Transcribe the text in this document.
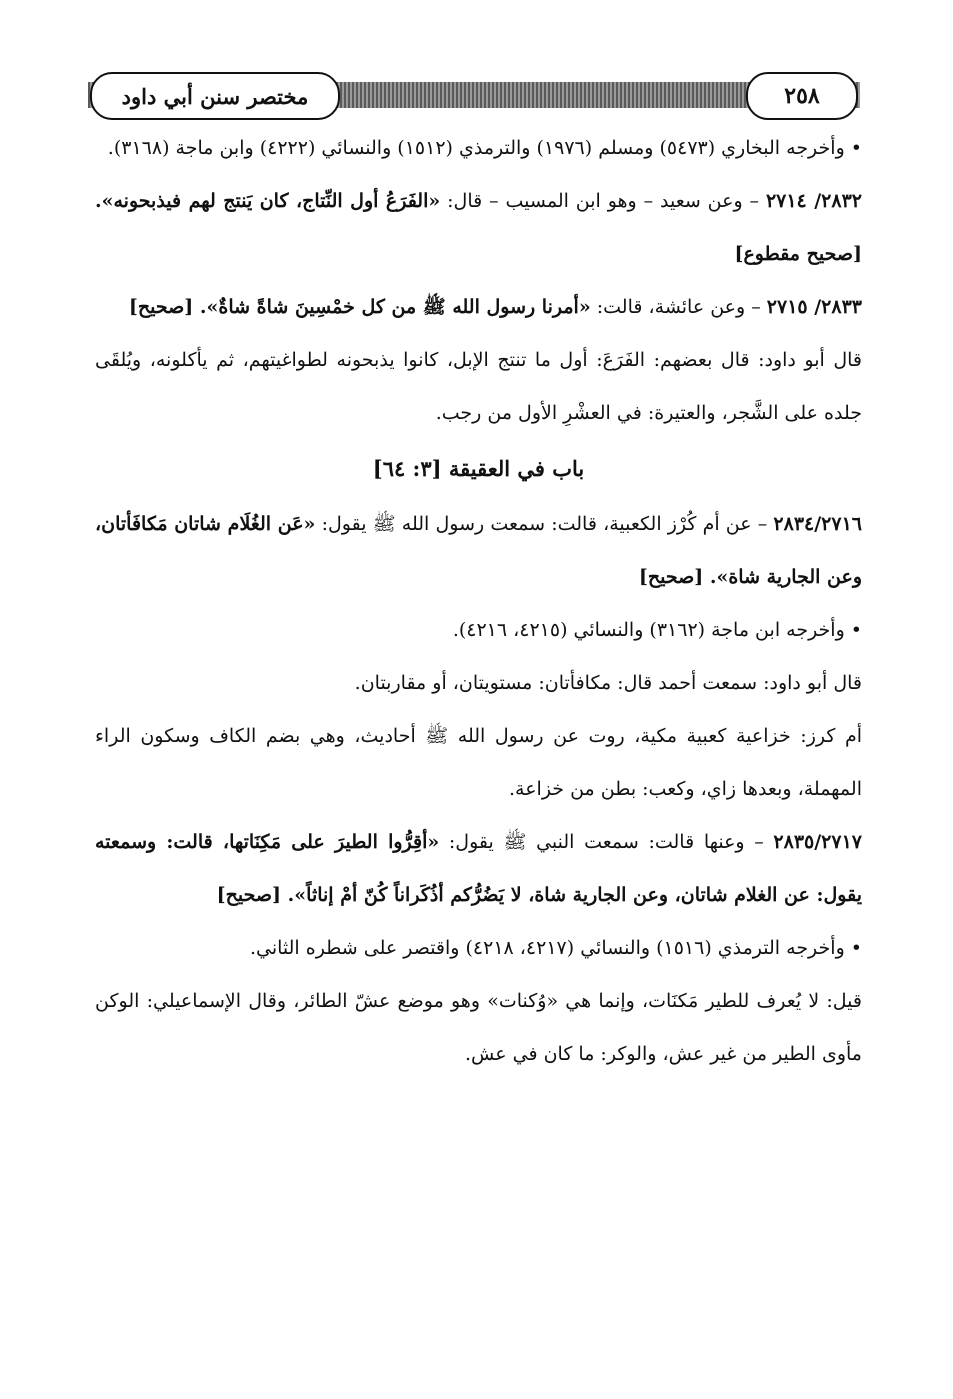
مختصر سنن أبي داود	٢٥٨

• وأخرجه البخاري (٥٤٧٣) ومسلم (١٩٧٦) والترمذي (١٥١٢) والنسائي (٤٢٢٢) وابن ماجة (٣١٦٨).

٢٨٣٢/ ٢٧١٤ – وعن سعيد – وهو ابن المسيب – قال: «الفَرَعُ أول النِّتاج، كان يَنتج لهم فيذبحونه». [صحيح مقطوع]

٢٨٣٣/ ٢٧١٥ – وعن عائشة، قالت: «أمرنا رسول الله ﷺ من كل خمْسِينَ شاةً شاةٌ». [صحيح]

قال أبو داود: قال بعضهم: الفَرَعَ: أول ما تنتج الإبل، كانوا يذبحونه لطواغيتهم، ثم يأكلونه، ويُلقَى جلده على الشَّجر، والعتيرة: في العشْرِ الأول من رجب.

باب في العقيقة [٣: ٦٤]

٢٨٣٤/٢٧١٦ – عن أم كُرْز الكعبية، قالت: سمعت رسول الله ﷺ يقول: «عَن الغُلَام شاتان مَكافَأتان، وعن الجارية شاة». [صحيح]

• وأخرجه ابن ماجة (٣١٦٢) والنسائي (٤٢١٥، ٤٢١٦).

قال أبو داود: سمعت أحمد قال: مكافأتان: مستويتان، أو مقاربتان.

أم كرز: خزاعية كعبية مكية، روت عن رسول الله ﷺ أحاديث، وهي بضم الكاف وسكون الراء المهملة، وبعدها زاي، وكعب: بطن من خزاعة.

٢٨٣٥/٢٧١٧ – وعنها قالت: سمعت النبي ﷺ يقول: «أقِرُّوا الطيرَ على مَكِنَاتها، قالت: وسمعته يقول: عن الغلام شاتان، وعن الجارية شاة، لا يَضُرُّكم أذُكَراناً كُنّ أمْ إناثاً». [صحيح]

• وأخرجه الترمذي (١٥١٦) والنسائي (٤٢١٧، ٤٢١٨) واقتصر على شطره الثاني.

قيل: لا يُعرف للطير مَكنَات، وإنما هي «وُكنات» وهو موضع عشّ الطائر، وقال الإسماعيلي: الوكن مأوى الطير من غير عش، والوكر: ما كان في عش.
